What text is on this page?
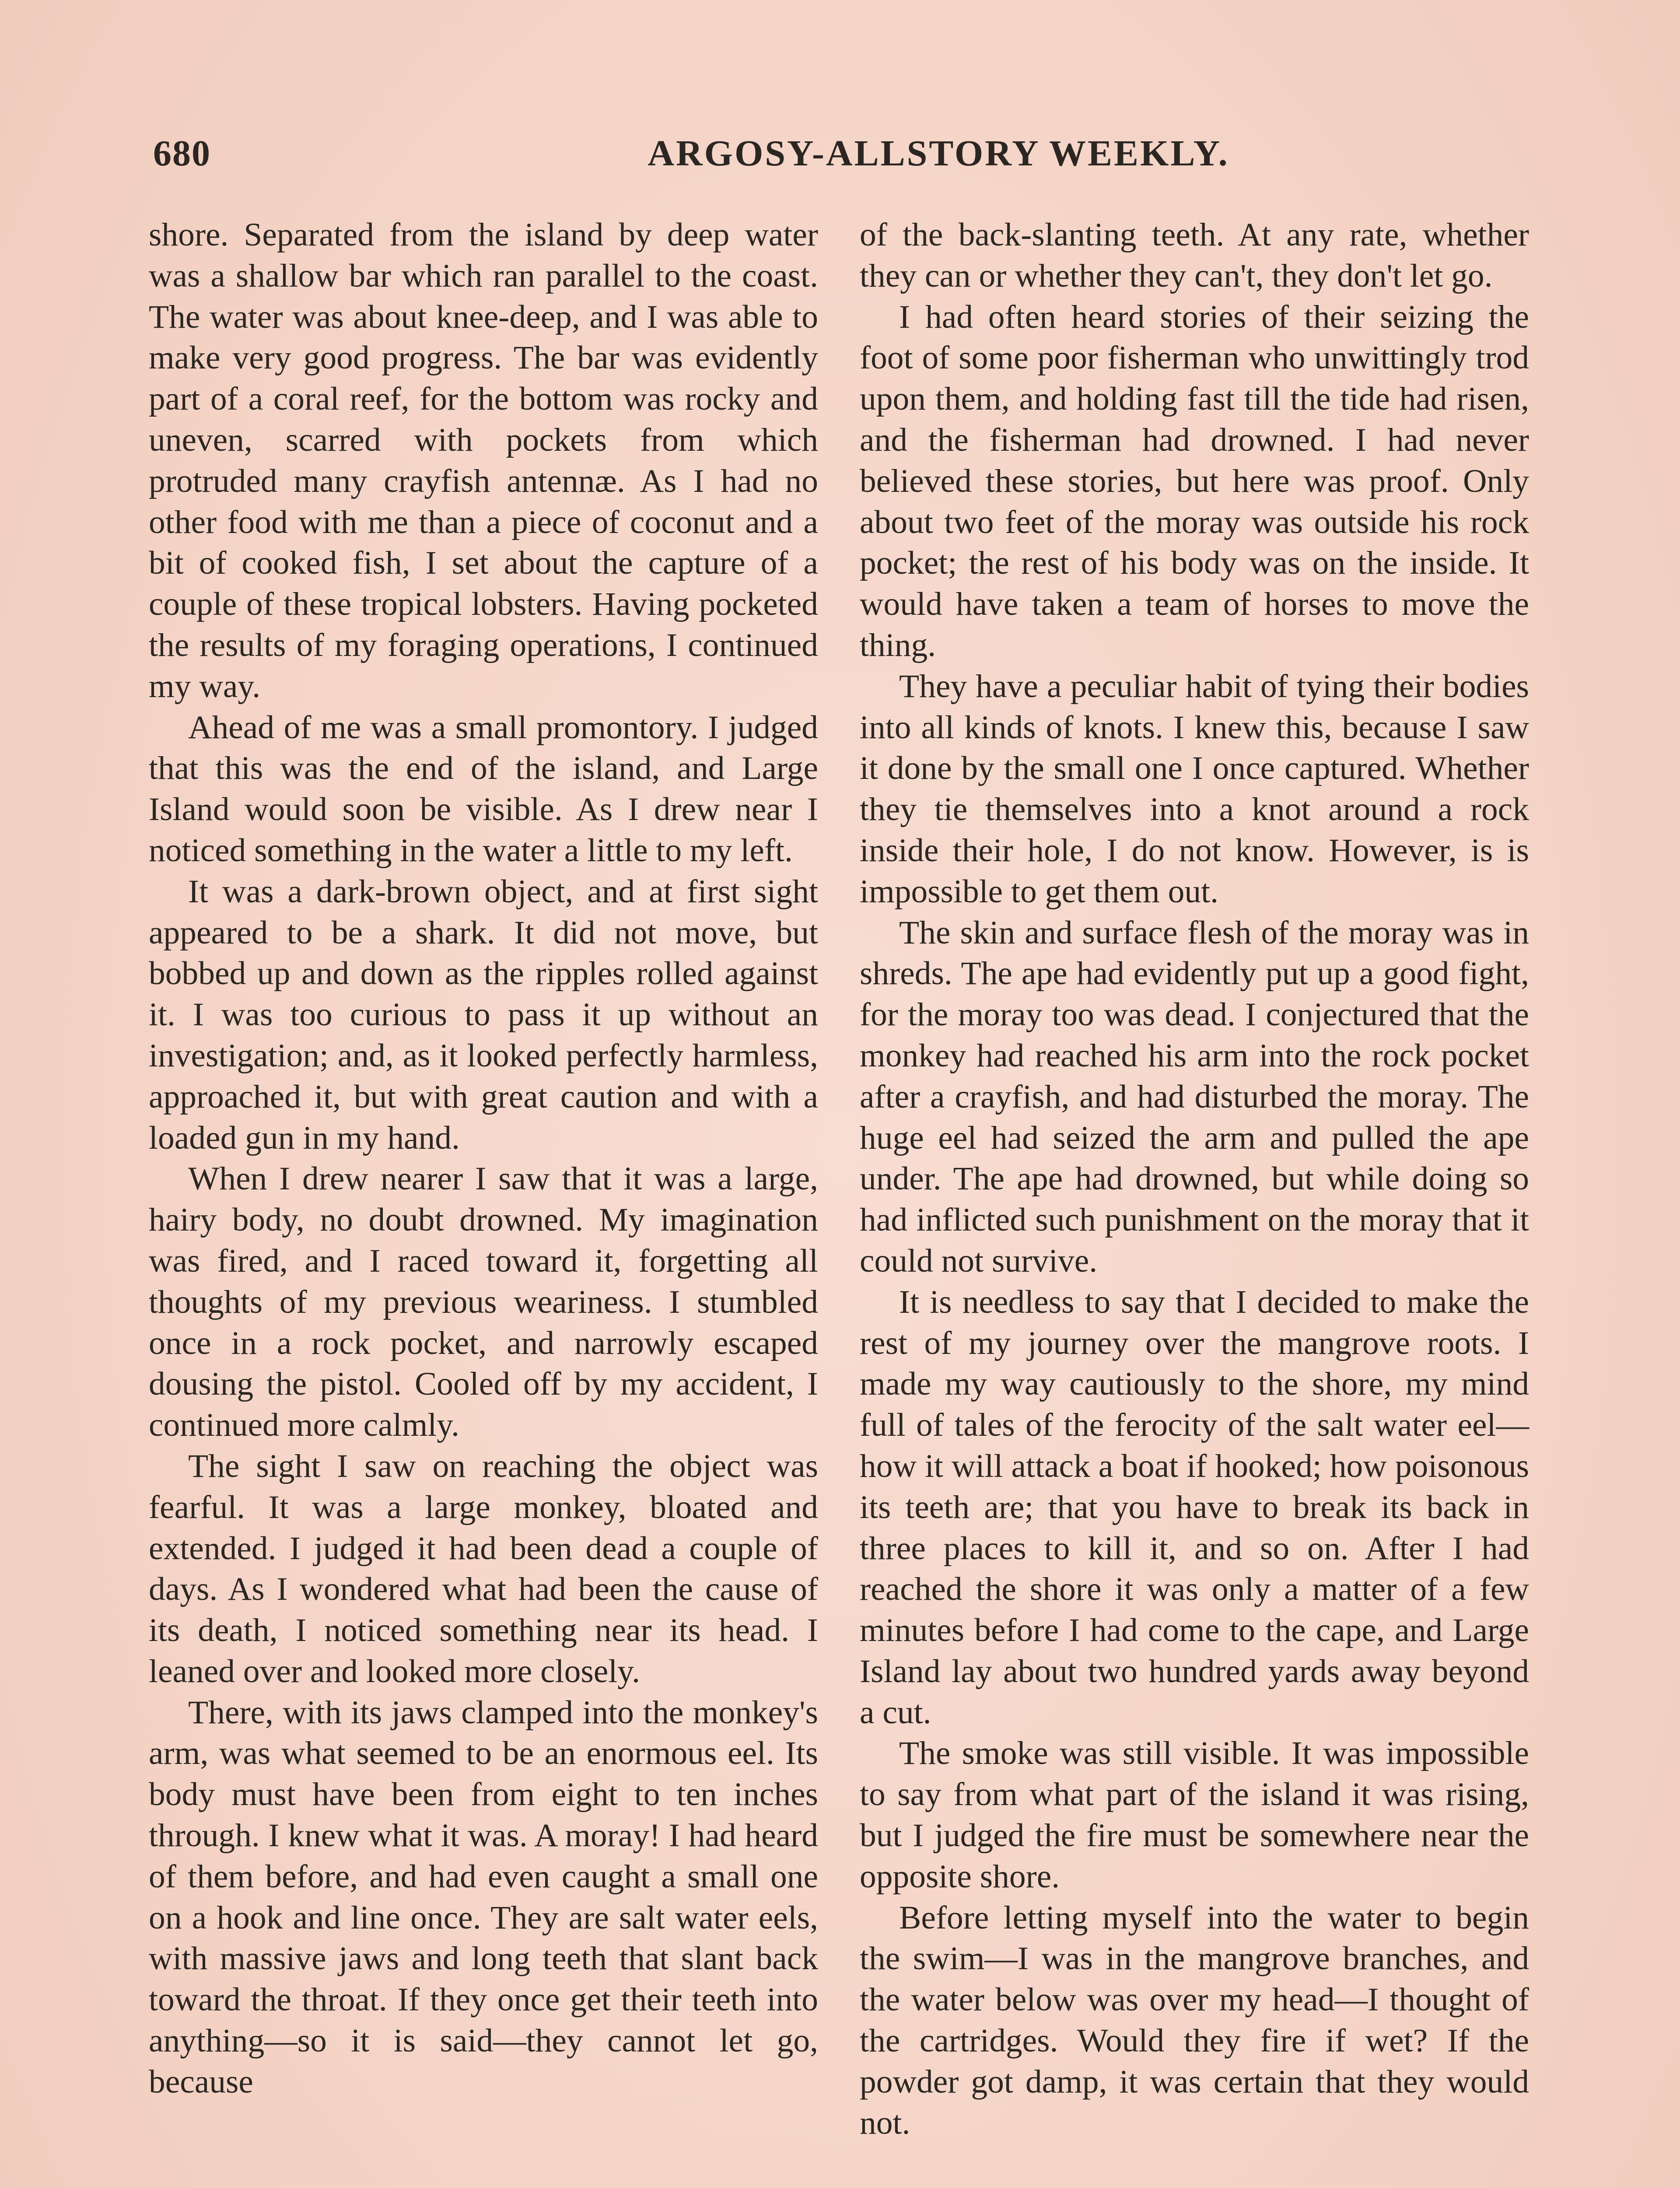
680	ARGOSY-ALLSTORY WEEKLY.

shore. Separated from the island by deep water was a shallow bar which ran parallel to the coast. The water was about knee-deep, and I was able to make very good progress. The bar was evidently part of a coral reef, for the bottom was rocky and uneven, scarred with pockets from which protruded many crayfish antennæ. As I had no other food with me than a piece of coconut and a bit of cooked fish, I set about the capture of a couple of these tropical lobsters. Having pocketed the results of my foraging operations, I continued my way.

Ahead of me was a small promontory. I judged that this was the end of the island, and Large Island would soon be visible. As I drew near I noticed something in the water a little to my left.

It was a dark-brown object, and at first sight appeared to be a shark. It did not move, but bobbed up and down as the ripples rolled against it. I was too curious to pass it up without an investigation; and, as it looked perfectly harmless, approached it, but with great caution and with a loaded gun in my hand.

When I drew nearer I saw that it was a large, hairy body, no doubt drowned. My imagination was fired, and I raced toward it, forgetting all thoughts of my previous weariness. I stumbled once in a rock pocket, and narrowly escaped dousing the pistol. Cooled off by my accident, I continued more calmly.

The sight I saw on reaching the object was fearful. It was a large monkey, bloated and extended. I judged it had been dead a couple of days. As I wondered what had been the cause of its death, I noticed something near its head. I leaned over and looked more closely.

There, with its jaws clamped into the monkey's arm, was what seemed to be an enormous eel. Its body must have been from eight to ten inches through. I knew what it was. A moray! I had heard of them before, and had even caught a small one on a hook and line once. They are salt water eels, with massive jaws and long teeth that slant back toward the throat. If they once get their teeth into anything—so it is said—they cannot let go, because

of the back-slanting teeth. At any rate, whether they can or whether they can't, they don't let go.

I had often heard stories of their seizing the foot of some poor fisherman who unwittingly trod upon them, and holding fast till the tide had risen, and the fisherman had drowned. I had never believed these stories, but here was proof. Only about two feet of the moray was outside his rock pocket; the rest of his body was on the inside. It would have taken a team of horses to move the thing.

They have a peculiar habit of tying their bodies into all kinds of knots. I knew this, because I saw it done by the small one I once captured. Whether they tie themselves into a knot around a rock inside their hole, I do not know. However, is is impossible to get them out.

The skin and surface flesh of the moray was in shreds. The ape had evidently put up a good fight, for the moray too was dead. I conjectured that the monkey had reached his arm into the rock pocket after a crayfish, and had disturbed the moray. The huge eel had seized the arm and pulled the ape under. The ape had drowned, but while doing so had inflicted such punishment on the moray that it could not survive.

It is needless to say that I decided to make the rest of my journey over the mangrove roots. I made my way cautiously to the shore, my mind full of tales of the ferocity of the salt water eel—how it will attack a boat if hooked; how poisonous its teeth are; that you have to break its back in three places to kill it, and so on. After I had reached the shore it was only a matter of a few minutes before I had come to the cape, and Large Island lay about two hundred yards away beyond a cut.

The smoke was still visible. It was impossible to say from what part of the island it was rising, but I judged the fire must be somewhere near the opposite shore.

Before letting myself into the water to begin the swim—I was in the mangrove branches, and the water below was over my head—I thought of the cartridges. Would they fire if wet? If the powder got damp, it was certain that they would not.
